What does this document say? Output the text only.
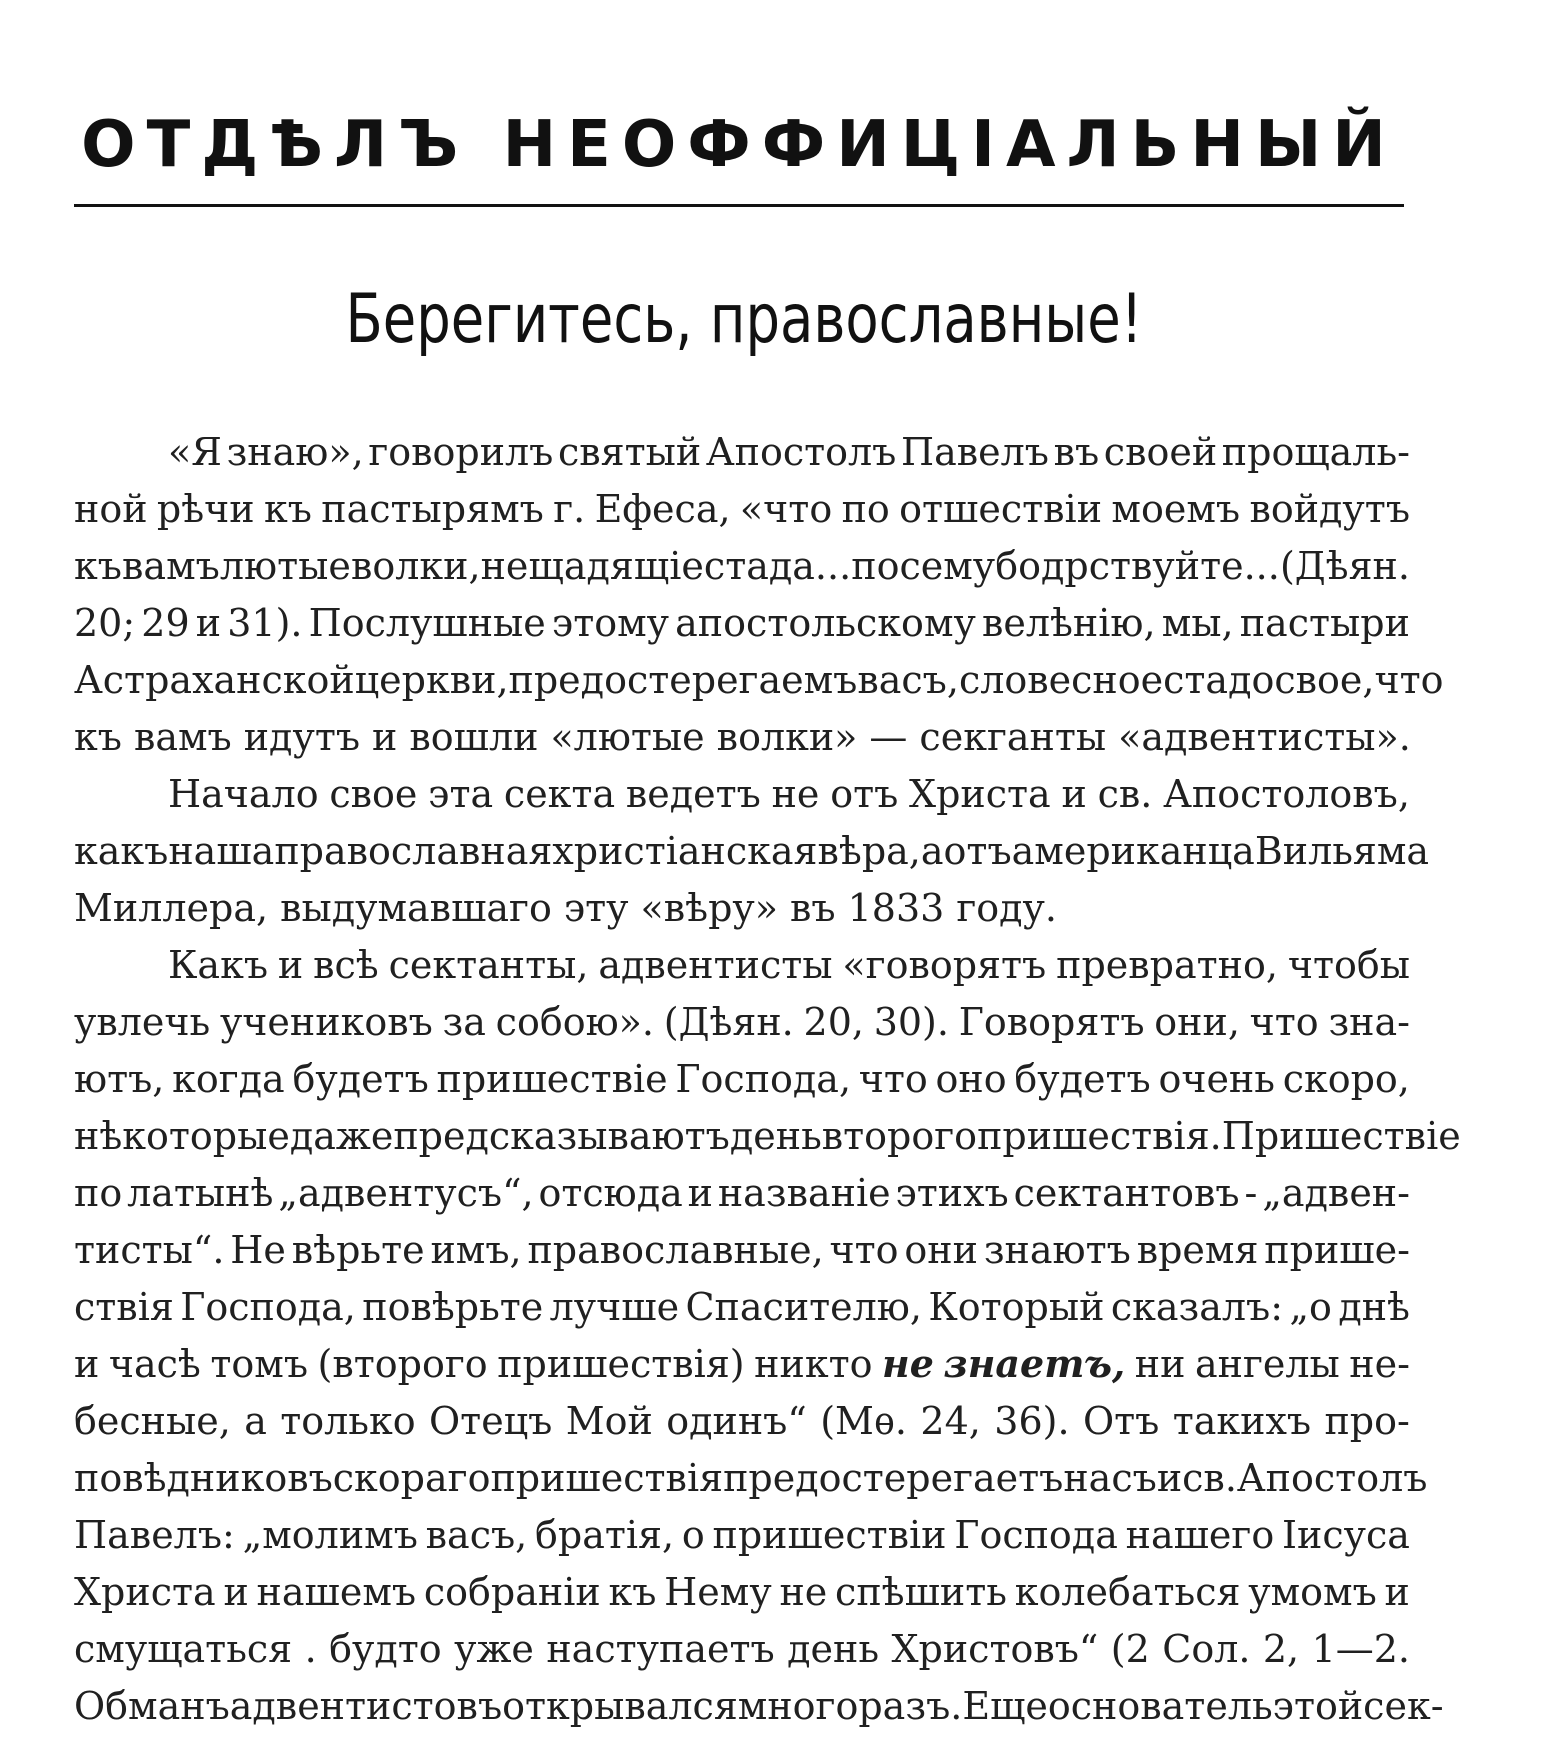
ОТДѢЛЪ НЕОФФИЦІАЛЬНЫЙ
Берегитесь, православные!
«Я знаю», говорилъ святый Апостолъ Павелъ въ своей прощаль-
ной рѣчи къ пастырямъ г. Ефеса, «что по отшествіи моемъ войдутъ
къ вамъ лютые волки, не щадящіе стада... посему бодрствуйте... (Дѣян.
20; 29 и 31). Послушные этому апостольскому велѣнію, мы, пастыри
Астраханской церкви, предостерегаемъ васъ, словесное стадо свое, что
къ вамъ идутъ и вошли «лютые волки» — секганты «адвентисты».
Начало свое эта секта ведетъ не отъ Христа и св. Апостоловъ,
какъ наша православная христіанская вѣра, а отъ американца Вильяма
Миллера, выдумавшаго эту «вѣру» въ 1833 году.
Какъ и всѣ сектанты, адвентисты «говорятъ превратно, чтобы
увлечь учениковъ за собою». (Дѣян. 20, 30). Говорятъ они, что зна-
ютъ, когда будетъ пришествіе Господа, что оно будетъ очень скоро,
нѣкоторые даже предсказываютъ день второго пришествія. Пришествіе
по латынѣ „адвентусъ“, отсюда и названіе этихъ сектантовъ - „адвен-
тисты“. Не вѣрьте имъ, православные, что они знаютъ время прише-
ствія Господа, повѣрьте лучше Спасителю, Который сказалъ: „о днѣ
и часѣ томъ (второго пришествія) никто не знаетъ, ни ангелы не-
бесные, а только Отецъ Мой одинъ“ (Мѳ. 24, 36). Отъ такихъ про-
повѣдниковъ скораго пришествія предостерегаетъ насъ и св. Апостолъ
Павелъ: „молимъ васъ, братія, о пришествіи Господа нашего Іисуса
Христа и нашемъ собраніи къ Нему не спѣшить колебаться умомъ и
смущаться . будто уже наступаетъ день Христовъ“ (2 Сол. 2, 1—2.
Обманъ адвентистовъ открывался много разъ. Еще основатель этой сек-
